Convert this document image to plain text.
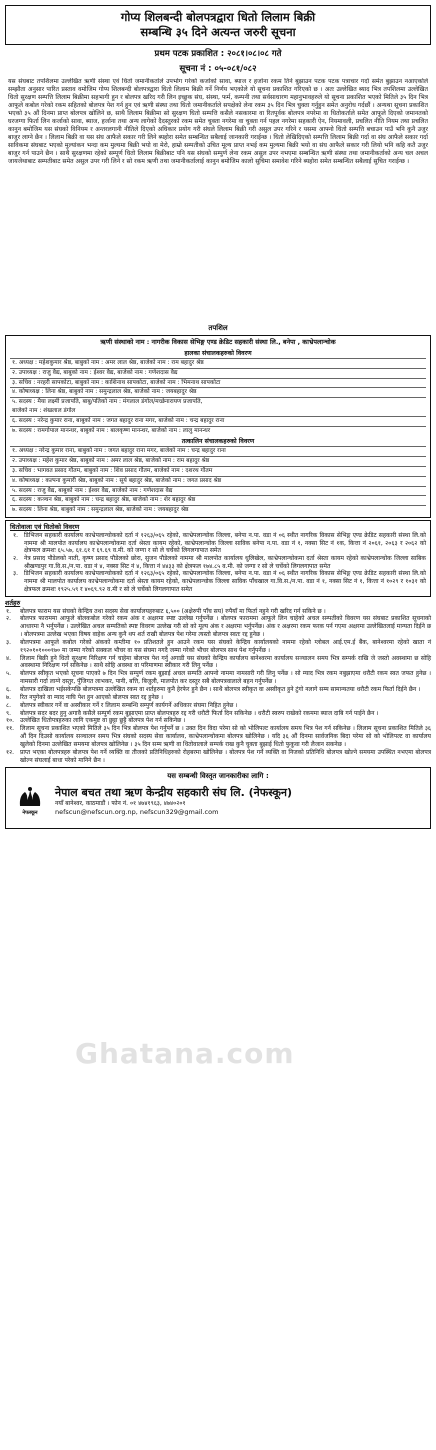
गोप्य शिलबन्दी बोलपत्रद्वारा धितो लिलाम बिक्री
सम्बन्धि ३५ दिने अत्यन्त जरुरी सूचना
प्रथम पटक प्रकाशित : २०८१।०८।०८ गते
सूचना नं : ०५-०८१/०८२
यस संघबाट तपशिलमा उल्लेखित ऋणी संस्था एवं धितो जमानीकर्ताले उपभोग गरेको कर्जाको सावा, ब्याज र हर्जाना रकम तिर्न बुझाउन पटक पटक पत्राचार गर्दा समेत बुझाउन नआएकोले सम्झौता अनुसार पारित प्रस्ताव वमोजिम गोप्य शिलबन्दी बोलपत्रद्वारा धितो लिलाम बिक्री गर्ने निर्णय भएकोले यो सूचना प्रकाशित गरिएको छ । अतः उल्लेखित ब्याद भित्र तपशिलमा उल्लेखित धितो सुरक्षण सम्पत्ति लिलाम बिक्रीमा सहभागी हुन र बोलपत्र खरिद गरी लिन इच्छुक संघ, संस्था, फर्म, कम्पनी तथा सर्वसाधारण महानुभावहरुले यो सूचना प्रकाशित भएको मितिले ३५ दिन भित्र आफूले कबोल गरेको रकम सहितको बोलपत्र पेश गर्न हुन एवं ऋणी संस्था तथा धितो जमानीकर्ताले सपक्षेको लेना रकम ३५ दिन भित्र चुक्ता गर्नुहुन समेत अनुरोध गर्दछौं । अन्यथा सूचना प्रकाशित भएको ३५ औं दिनमा प्राप्त बोलपत्र खोलिने छ, साथै लिलाम बिक्रीमा सो सुरक्षण धितो सम्पत्ति कसैले नसकारमा वा रितपूर्वक बोलपत्र नपरेमा वा धितोकर्ताले समेत आफूले दिएको जमानतको घरजग्गा फिर्ता लिन कर्जाको सावा, ब्याज, हर्जाना तथा अन्य लागेको दैदस्तुरको रकम समेत चुक्ता नगरेमा वा चुक्ता गर्न पहल नगरेमा सहकारी ऐन, नियमावली, प्रचलित नीति नियम तथा प्रचलित कानुन बमोजिम यस संघको विनियम र अन्तरलगानी नीतिले दिएको अधिकार प्रयोग गरी संघले लिलाम बिक्री गरी असुल उपर गरिने र यसमा आफ्नो धितो सम्पत्ति बचाउन पाउँ भनि कुनै उजुर बाजुर लाग्ने छैन । लिलाम बिक्री वा यस संघ आफैले सकार गरी लिने ब्यहोरा समेत सम्बन्धित सबैलाई जानकारी गराईन्छ । धितो लेखिदिएको सम्पत्ति लिलाम बिक्री गर्दा वा संघ आफैले सकार गर्दा साविकमा संघबाट भएको मुल्यांकन भन्दा कम मुल्यमा बिक्री भयो वा मेरो, हाम्रो सम्पतीको उचित मूल्य प्राप्त नभई कम मुल्यमा बिक्री भयो वा संघ आफैले सकार गरी लियो भनि कहि कतै उजुर बाजुर गर्न पाउने छैन । साथै सुरक्षणमा रहेको सम्पूर्ण धितो लिलाम बिक्रीबाट पनि यस संघको सम्पुर्ण लेना रकम असुल उपर नभएमा सम्बन्धित ऋणी संस्था तथा जमानीकर्ताको अन्य चल अचल जायजेथाबाट सम्पतीबाट समेत असुल उपर गरी लिने र सो रकम ऋणी तथा जमानीकर्तालाई कानुन बमोजिम कालो सुचिमा समावेश गरिने ब्यहोरा समेत सम्बन्धित सबैलाई सुचित गराईन्छ ।
तपशिल
ऋणी संस्थाको नाम : नागरीक विकास सेभिङ्ग एण्ड क्रेडिट सहकारी संस्था लि., बनेपा , काभ्रेपलान्चोक
हालका संचालकहरुको विवरण
१. अध्यक्ष : महेशकुमार श्रेष्ठ, बाबुको नाम : अमर लाल श्रेष्ठ, बाजेको नाम : राम बहादुर श्रेष्ठ
२. उपाध्यक्ष : राजु वैद्य, बाबुको नाम : ईश्वर वैद्य, बाजेको नाम : गणेशदास वैद्य
३. सचिव : नरहरी सापकोटा, बाबुको नाम : काशिनाथ सापकोटा, बाजेको नाम : भिमनाथ सापकोटा
४. कोषाध्यक्ष : लिना श्रेष्ठ, बाबुको नाम : समुन्द्रलाल श्रेष्ठ, बाजेको नाम : जयबहादुर श्रेष्ठ
५. सदस्य : मैया लक्ष्मी प्रजापति, बाबु/पतिको नाम : मंगलाल डंगोल/मच्छेनारायण प्रजापति,
बाजेको नाम : शंखलाल डंगोल
६. सदस्य : नरेन्द्र कुमार राना, बाबुको नाम : जगत बहादुर राना मगर, बाजेको नाम : चन्द्र बहादुर राना
७. सदस्य : रामगोपाल मानन्धर, बाबुको नाम : बालकृष्ण मानन्धर, बाजेको नाम : लालु मानन्धर
तत्कालिन संचालकहरुको विवरण
१. अध्यक्ष : नरेन्द्र कुमार राना, बाबुको नाम : जगत बहादुर राना मगर, बाजेको नाम : चन्द्र बहादुर राना
२. उपाध्यक्ष : महेश कुमार श्रेष्ठ, बाबुको नाम : अमर लाल श्रेष्ठ, बाजेको नाम : राम बहादुर श्रेष्ठ
३. सचिव : भागवत प्रसाद गौतम, बाबुको नाम : शिव प्रसाद गौतम, बाजेको नाम : दशरथ गौतम
४. कोषाध्यक्ष : कल्पना कुमारी श्रेष्ठ, बाबुको नाम : सूर्य बहादुर श्रेष्ठ, बाजेको नाम : जगत प्रसाद श्रेष्ठ
५. सदस्य : राजु वैद्य, बाबुको नाम : ईश्वर वैद्य, बाजेको नाम : गणेशदास वैद्य
६. सदस्य : कञ्चन श्रेष्ठ, बाबुको नाम : चन्द्र बहादुर श्रेष्ठ, बाजेको नाम : शेर बहादुर श्रेष्ठ
७. सदस्य : लिना श्रेष्ठ, बाबुको नाम : समुन्द्रलाल श्रेष्ठ, बाजेको नाम : जयबहादुर श्रेष्ठ
धितोवाला एवं धितोको विवरण
१. डिभिजन सहकारी कार्यालय काभ्रेपलान्चोकको दर्ता नं १२६३/०६५ रहेको, काभ्रेपलान्चोक जिल्ला, बनेपा न.पा. वडा नं ०६ स्थीत नागरिक विकास सेभिङ्ग एण्ड क्रेडिट सहकारी संस्था लि.को नाममा श्री मालपोत कार्यालय काभ्रेपलान्चोकमा दर्ता श्रेस्ता कायम रहेको, काभ्रेपलान्चोक जिल्ला साविक बनेपा न.पा. वडा नं १, नक्सा सिट नं १क, कित्ता नं २०६१, २०६३ र २०६२ को क्षेत्रफल क्रमशः ६५.५७, ६१.६१ र ६९.६९ व.मी. को जग्गा र सो ले चर्चेको लिगलगापात समेत
२. नेत्र प्रसाद पौडेलको नाती, कृष्ण प्रसाद पौडेलको छोरा, सुजन पौडेलको नाममा श्री मालपोत कार्यालय धुलिखेल, काभ्रेपलान्चोकमा दर्ता श्रेस्ता कायम रहेको काभ्रेपलान्चोक जिल्ला साबिक श्रीखण्डपुर गा.वि.स./न.पा. वडा नं ४, नक्सा सिट नं ४, कित्ता नं ४४३३ को क्षेत्रफल १७४.८५ व.मी. को जग्गा र सो ले चर्चेको लिगलगापात समेत
३. डिभिजन सहकारी कार्यालय काभ्रेपलान्चोकको दर्ता नं १२६३/०६५ रहेको, काभ्रेपलान्चोक जिल्ला, बनेपा न.पा. वडा नं ०६ स्थीत नागरिक विकास सेभिङ्ग एण्ड क्रेडिट सहकारी संस्था लि.को नाममा श्री मालपोत कार्यालय काभ्रेपलान्चोकमा दर्ता श्रेस्ता कायम रहेको, काभ्रेपलान्चोक जिल्ला साविक पाँचखाल गा.वि.स./न.पा. वडा नं १, नक्सा सिट नं १, कित्ता नं १०२९ र १०३१ को क्षेत्रफल क्रमशः १९२५.५९ र ४०६९.९२ व.मी र सो ले चर्चेको लिगलगापात समेत
शर्तहरु
१. बोलपत्र फाराम यस संघको केन्द्रिय तथा सदस्य सेवा कार्यालयहरुबाट ६,५०० (अक्षेरुपी पाँच सय) रुपैयाँ मा फिर्ता नहुने गरी खरिद गर्न सकिने छ ।
२. बोलपत्र फाराममा आफूले बोलकबोल गरेको रकम अंक र अक्षरमा स्पष्ट उल्लेख गर्नुपर्नेछ । बोलपत्र फाराममा आफूले लिन चाहेको अचल सम्पतीको विवरण यस संघबाट प्रकाशित सूचनाको आधारमा नै भर्नुपर्नेछ । उल्लेखित अचल सम्पतिको स्पष्ट विवरण उल्लेख गरी सो को मूल्य अंक र अक्षरमा भर्नुपर्नेछ। अंक र अक्षरमा रकम फरक पर्न गएमा अक्षरमा उल्लेखितलाई मान्यता दिईने छ । बोलपत्रमा उल्लेख भएका विषय वाहेक अन्य कुनै थप शर्त राखी बोलपत्र पेश गरेमा त्यस्तो बोलपत्र स्वतः रद्द हुनेछ ।
३. बोलपत्रमा आफूले कबोल गरेको अंकको कम्तीमा १० प्रतिशतले हुन आउने रकम यस संघको केन्द्रिय कार्यालयको नाममा रहेको ग्लोबल आई.एम.ई बैंक, बानेश्वरमा रहेको खाता नं १९२०१०१०००१७० मा जम्मा गरेको सक्कल भौचर वा यस संघमा नगदै जम्मा गरेको भौचर बोलपत्र साथ पेश गर्नुपर्नेछ ।
४. लिलाम बिक्री हुने धितो सुरक्षण निरिक्षण गर्न चाहेमा बोलपत्र पेश गर्नु अगाडी यस संघको केन्द्रिय कार्यालय बानेश्वरमा कार्यालय सञ्चालन समय भित्र सम्पर्क राखि जे जस्तो अवस्थामा छ सोहि अवस्थामा निरिक्षण गर्न सकिनेछ । साथै सोहि अवस्था वा परिमाणमा स्वीकार गरी लिनु पर्नेछ ।
५. बोलपत्र स्वीकृत भएको सूचना पाएको ७ दिन भित्र सम्पुर्ण रकम बुझाई अचल सम्पति आफ्नो नाममा नामसारी गरी लिनु पर्नेछ । सो म्याद भित्र रकम नबुझाएमा धरौटी रकम स्वत जफत हुनेछ । नामसारी गर्दा लाग्ने दस्तुर, पुँजिगत लाभकर, पानी, बत्ति, बिजुली, मालपोत कर दस्तुर सबै बोलपत्रवालाले बहन गर्नुपर्नेछ ।
६. बोलपत्र दाखिला भईसकेपछि बोलपत्रमा उल्लेखित रकम वा शर्तहरुमा कुनै हेरफेर हुने छैन । साथै बोलपत्र स्वीकृत वा अस्वीकृत हुने टुंगो नलागे सम्म सामान्यतया धरौटी रकम फिर्ता दिईने छैन ।
७. रित नपुगेको वा म्याद नाघि पेश हुन आएको बोलपत्र स्वत रद्द हुनेछ ।
८. बोलपत्र स्वीकार गर्ने वा अस्वीकार गर्ने र लिलाम सम्बन्धि सम्पुर्ण कार्यगर्ने अधिकार संघमा निहित हुनेछ ।
९. बोलपत्र सदर बदर हुनु अगावै कसैले सम्पुर्ण रकम बुझाएमा प्राप्त बोलपत्रहरु रद्द गरी धरौटी फिर्ता दिन सकिनेछ । धरौटी स्वरुप राखेको रकममा ब्याज दाबि गर्न पाईने छैन ।
१०. उल्लेखित धितोपत्रहरुका लागि एकमुष्ट वा छुट्टा छुट्टै बोलपत्र पेश गर्न सकिनेछ ।
११. लिलाम सूचना प्रकाशित भएको मितिले ३५ दिन भित्र बोलपत्र पेश गर्नुपर्ने छ । उक्त दिन विदा परेमा सो को भोलिपल्ट कार्यालय समय भित्र पेश गर्न सकिनेछ । लिलाम सूचना प्रकाशित मितिले ३६ औं दिन दिउसो कार्यालय सञ्चालन समय भित्र संघको सदस्य सेवा कार्यालय, काभ्रेपलान्चोकमा बोलपत्र खोलिनेछ । यदि ३६ औं दिनमा सार्वजनिक बिदा परेमा सो को भोलिपल्ट वा कार्यालय खुलेको दिनमा उल्लेखित समयमा बोलपत्र खोलिनेछ । ३५ दिन सम्म ऋणी वा धितोवालाले सम्पर्क राख कुनै चुक्ता बुझाई धितो फुकुवा गरी लैजान सकनेछ ।
१२. प्राप्त भएका बोलपत्रहरु बोलपत्र पेश गर्ने व्यक्ति वा तीजको प्रतिनिधिहरुको रोहबरमा खोलिनेछ । बोलपत्र पेश गर्ने व्यक्ति वा निजको प्रतिनिधि बोलपत्र खोल्ने समयमा उपस्थित नभएमा बोलपत्र खोल्न संघलाई बाधा परेको मानिने छैन ।
यस सम्बन्धी विस्तृत जानकारीका लागि :
नेफस्कून
नेपाल बचत तथा ऋण केन्द्रीय सहकारी संघ लि. (नेफस्कून)
नयाँ बानेश्वर, काठमाडौं । फोन नं. ०१ ४७४१९६३, ४७४०२०१
nefscun@nefscun.org.np, nefscun329@gmail.com
Ghatana.com
